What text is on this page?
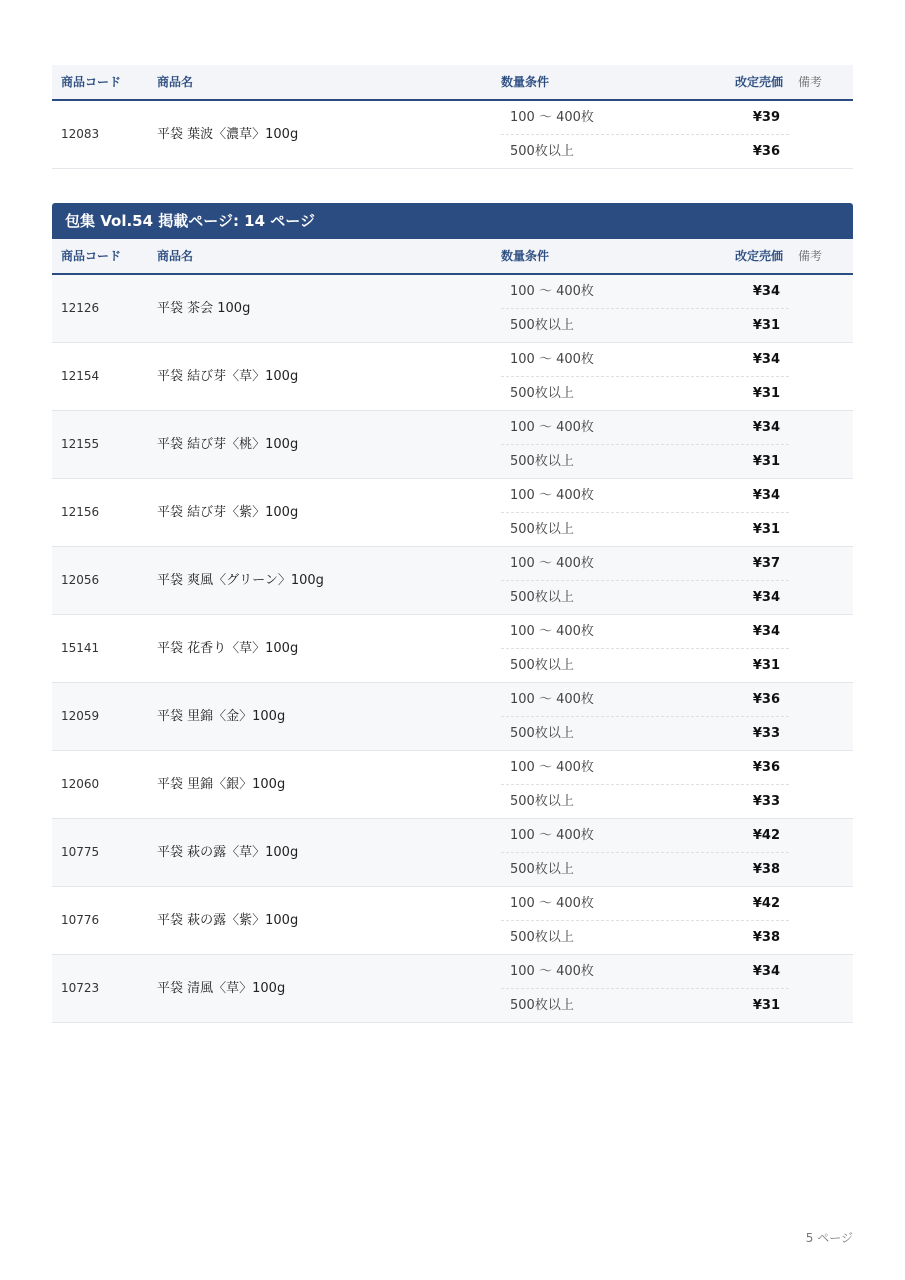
商品コード	商品名	数量条件	改定売価 備考
12083	平袋 葉波〈濃草〉100g
100 〜 400枚	¥39
500枚以上	¥36
包集 Vol.54 掲載ページ: 14 ページ
商品コード	商品名	数量条件	改定売価 備考
12126	平袋 茶会 100g
100 〜 400枚	¥34
500枚以上	¥31
12154	平袋 結び芽〈草〉100g
100 〜 400枚	¥34
500枚以上	¥31
12155	平袋 結び芽〈桃〉100g
100 〜 400枚	¥34
500枚以上	¥31
12156	平袋 結び芽〈紫〉100g
100 〜 400枚	¥34
500枚以上	¥31
12056	平袋 爽風〈グリーン〉100g
100 〜 400枚	¥37
500枚以上	¥34
15141	平袋 花香り〈草〉100g
100 〜 400枚	¥34
500枚以上	¥31
12059	平袋 里錦〈金〉100g
100 〜 400枚	¥36
500枚以上	¥33
12060	平袋 里錦〈銀〉100g
100 〜 400枚	¥36
500枚以上	¥33
10775	平袋 萩の露〈草〉100g
100 〜 400枚	¥42
500枚以上	¥38
10776	平袋 萩の露〈紫〉100g
100 〜 400枚	¥42
500枚以上	¥38
10723	平袋 清風〈草〉100g
100 〜 400枚	¥34
500枚以上	¥31
5 ページ
